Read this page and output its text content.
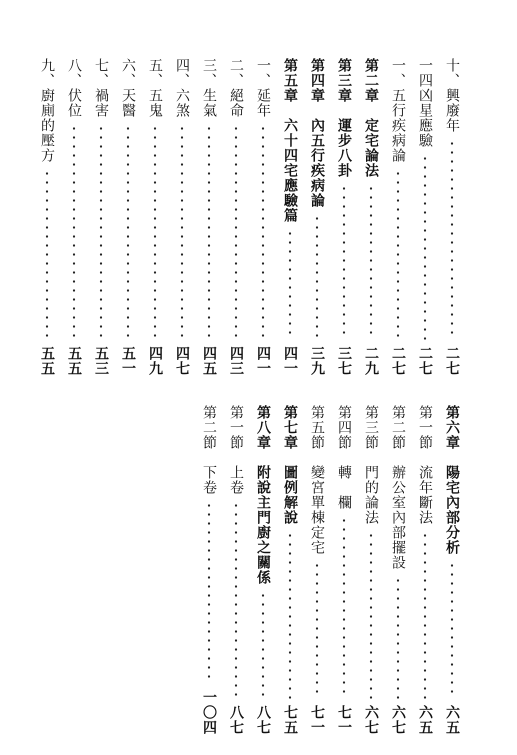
十、興廢年
二七
一四凶星應驗
二七
一、五行疾病論
二七
第二章　定宅論法
二九
第三章　運步八卦
三七
第四章　內五行疾病論
三九
第五章　六十四宅應驗篇
四一
一、延年
四一
二、絕命
四三
三、生氣
四五
四、六煞
四七
五、五鬼
四九
六、天醫
五一
七、禍害
五三
八、伏位
五五
九、廚廁的壓方
五五
第六章　陽宅內部分析
六五
第一節　流年斷法
六五
第二節　辦公室內部擺設
六七
第三節　門的論法
六七
第四節　轉　欄
七一
第五節　變宮單棟定宅
七一
第七章　圖例解說
七五
第八章　附說主門廚之關係
八七
第一節　上卷
八七
第二節　下卷
一〇四
